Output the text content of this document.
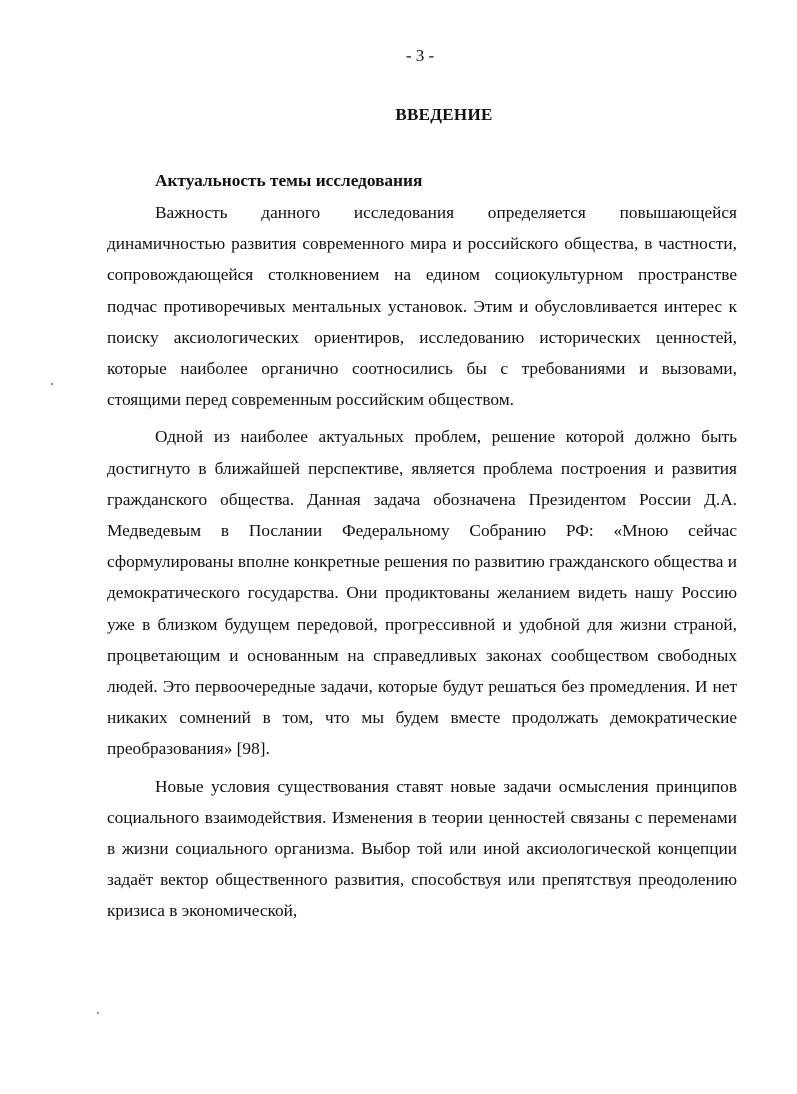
- 3 -
ВВЕДЕНИЕ
Актуальность темы исследования

Важность данного исследования определяется повышающейся динамичностью развития современного мира и российского общества, в частности, сопровождающейся столкновением на едином социокультурном пространстве подчас противоречивых ментальных установок. Этим и обусловливается интерес к поиску аксиологических ориентиров, исследованию исторических ценностей, которые наиболее органично соотносились бы с требованиями и вызовами, стоящими перед современным российским обществом.

Одной из наиболее актуальных проблем, решение которой должно быть достигнуто в ближайшей перспективе, является проблема построения и развития гражданского общества. Данная задача обозначена Президентом России Д.А. Медведевым в Послании Федеральному Собранию РФ: «Мною сейчас сформулированы вполне конкретные решения по развитию гражданского общества и демократического государства. Они продиктованы желанием видеть нашу Россию уже в близком будущем передовой, прогрессивной и удобной для жизни страной, процветающим и основанным на справедливых законах сообществом свободных людей. Это первоочередные задачи, которые будут решаться без промедления. И нет никаких сомнений в том, что мы будем вместе продолжать демократические преобразования» [98].

Новые условия существования ставят новые задачи осмысления принципов социального взаимодействия. Изменения в теории ценностей связаны с переменами в жизни социального организма. Выбор той или иной аксиологической концепции задаёт вектор общественного развития, способствуя или препятствуя преодолению кризиса в экономической,
